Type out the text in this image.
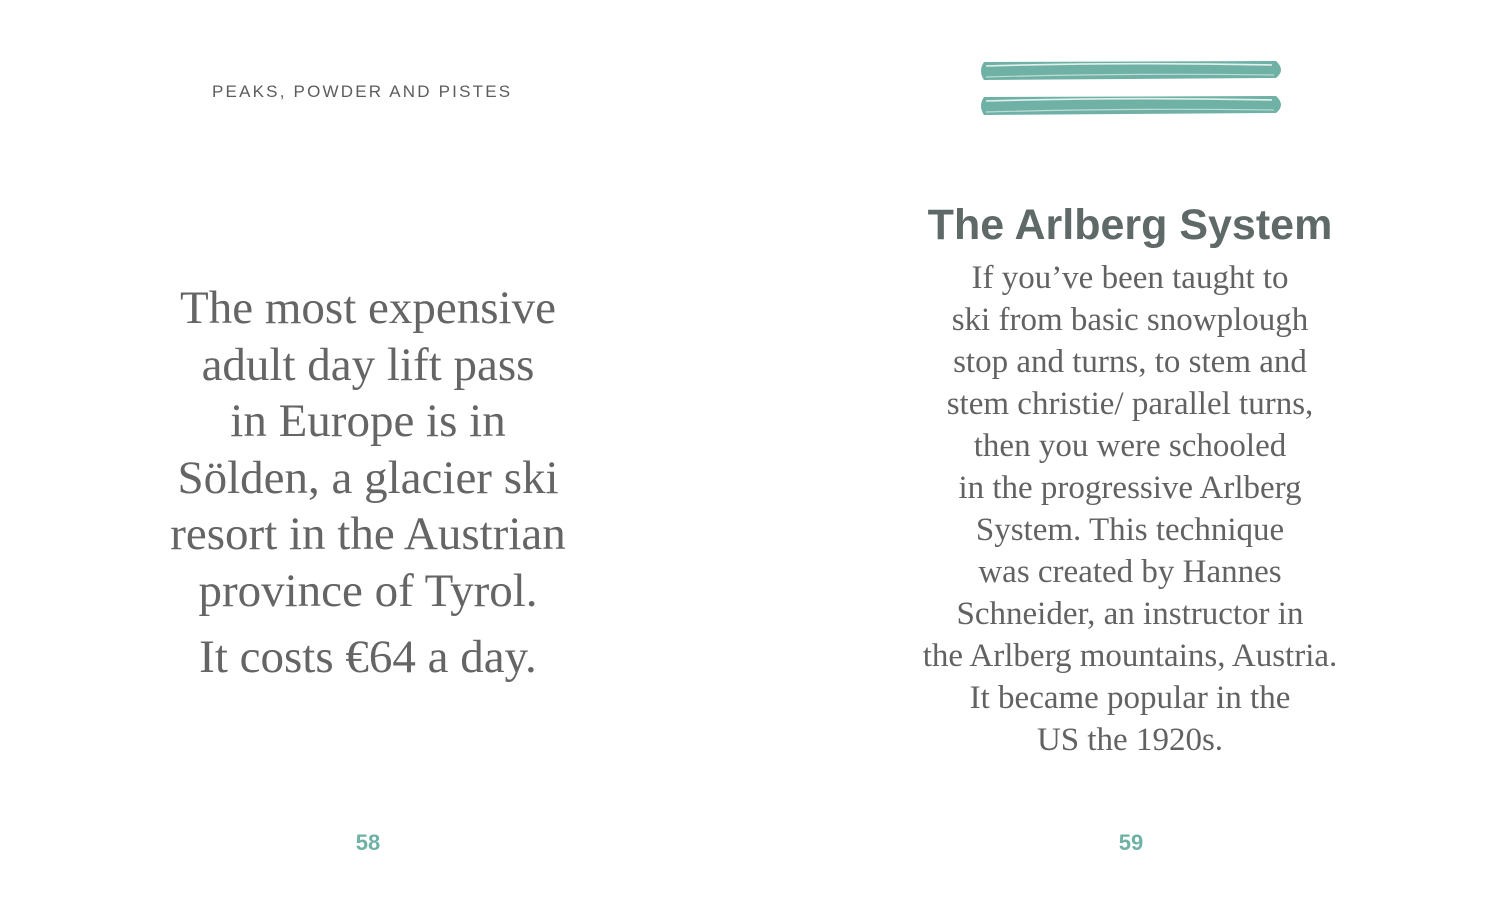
PEAKS, POWDER AND PISTES
The most expensive
adult day lift pass
in Europe is in
Sölden, a glacier ski
resort in the Austrian
province of Tyrol.
It costs €64 a day.
58
The Arlberg System
If you’ve been taught to
ski from basic snowplough
stop and turns, to stem and
stem christie/ parallel turns,
then you were schooled
in the progressive Arlberg
System. This technique
was created by Hannes
Schneider, an instructor in
the Arlberg mountains, Austria.
It became popular in the
US the 1920s.
59
